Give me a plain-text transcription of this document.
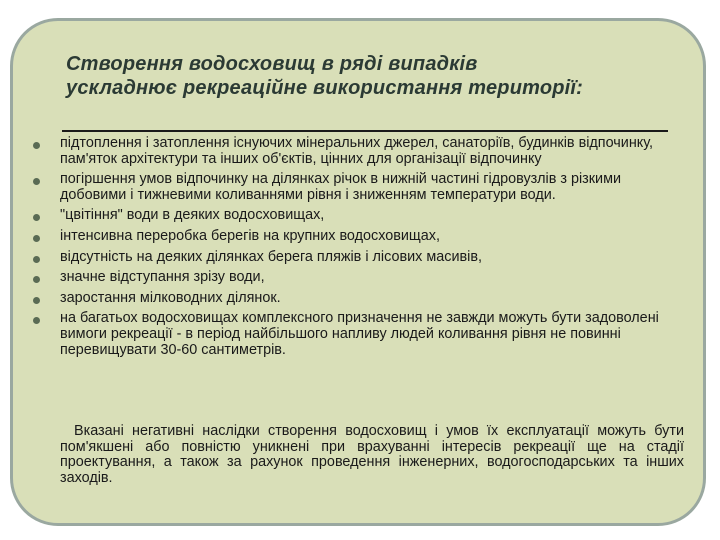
Створення водосховищ в ряді випадків
ускладнює рекреаційне використання території:
підтоплення і затоплення існуючих мінеральних джерел, санаторіїв, будинків відпочинку, пам'яток архітектури та інших об'єктів, цінних для організації відпочинку
погіршення умов відпочинку на ділянках річок в нижній частині гідровузлів з різкими добовими і тижневими коливаннями рівня і зниженням температури води.
"цвітіння" води в деяких водосховищах,
інтенсивна переробка берегів на крупних водосховищах,
відсутність на деяких ділянках берега пляжів і лісових масивів,
значне відступання зрізу води,
заростання мілководних ділянок.
на багатьох водосховищах комплексного призначення не завжди можуть бути задоволені вимоги рекреації - в період найбільшого напливу людей коливання рівня не повинні перевищувати 30-60 сантиметрів.

Вказані негативні наслідки створення водосховищ і умов їх експлуатації можуть бути пом'якшені або повністю уникнені при врахуванні інтересів рекреації ще на стадії проектування, а також за рахунок проведення інженерних, водогосподарських та інших заходів.
